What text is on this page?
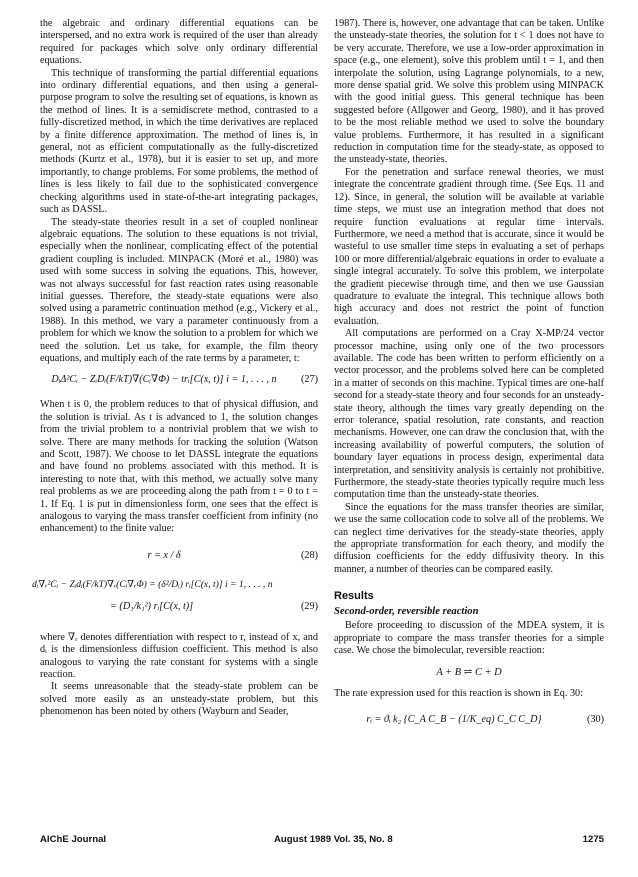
the algebraic and ordinary differential equations can be interspersed, and no extra work is required of the user than already required for packages which solve only ordinary differential equations.

This technique of transforming the partial differential equations into ordinary differential equations, and then using a general-purpose program to solve the resulting set of equations, is known as the method of lines. It is a semidiscrete method, contrasted to a fully-discretized method, in which the time derivatives are replaced by a finite difference approximation. The method of lines is, in general, not as efficient computationally as the fully-discretized methods (Kurtz et al., 1978), but it is easier to set up, and more importantly, to change problems. For some problems, the method of lines is less likely to fail due to the sophisticated convergence checking algorithms used in state-of-the-art integrating packages, such as DASSL.

The steady-state theories result in a set of coupled nonlinear algebraic equations. The solution to these equations is not trivial, especially when the nonlinear, complicating effect of the potential gradient coupling is included. MINPACK (Moré et al., 1980) was used with some success in solving the equations. This, however, was not always successful for fast reaction rates using reasonable initial guesses. Therefore, the steady-state equations were also solved using a parametric continuation method (e.g., Vickery et al., 1988). In this method, we vary a parameter continuously from a problem for which we know the solution to a problem for which we need the solution. Let us take, for example, the film theory equations, and multiply each of the rate terms by a parameter, t:

DᵢΔ²Cᵢ − ZᵢDᵢ(F/kT)∇(Cᵢ∇Φ) − trᵢ[C(x, t)] i = 1, . . . , n	(27)

When t is 0, the problem reduces to that of physical diffusion, and the solution is trivial. As t is advanced to 1, the solution changes from the trivial problem to a nontrivial problem that we wish to solve. There are many methods for tracking the solution (Watson and Scott, 1987). We choose to let DASSL integrate the equations and have found no problems associated with this method. It is interesting to note that, with this method, we actually solve many real problems as we are proceeding along the path from t = 0 to t = 1. If Eq. 1 is put in dimensionless form, one sees that the effect is analogous to varying the mass transfer coefficient from infinity (no enhancement) to the finite value:

r = x / δ	(28)
dᵢ∇ᵣ²Cᵢ − Zᵢdᵢ(F/kT)∇ᵣ(Cᵢ∇ᵣΦ) = (δ²/Dᵢ) rᵢ[C(x, t)] i = 1, . . . , n
= (D₁/k₁²) rᵢ[C(x, t)]	(29)

where ∇ᵣ denotes differentiation with respect to r, instead of x, and dᵢ is the dimensionless diffusion coefficient. This method is also analogous to varying the rate constant for systems with a single reaction.

It seems unreasonable that the steady-state problem can be solved more easily as an unsteady-state problem, but this phenomenon has been noted by others (Wayburn and Seader,

1987). There is, however, one advantage that can be taken. Unlike the unsteady-state theories, the solution for t < 1 does not have to be very accurate. Therefore, we use a low-order approximation in space (e.g., one element), solve this problem until t = 1, and then interpolate the solution, using Lagrange polynomials, to a new, more dense spatial grid. We solve this problem using MINPACK with the good initial guess. This general technique has been suggested before (Allgower and Georg, 1980), and it has proved to be the most reliable method we used to solve the boundary value problems. Furthermore, it has resulted in a significant reduction in computation time for the steady-state, as opposed to the unsteady-state, theories.

For the penetration and surface renewal theories, we must integrate the concentrate gradient through time. (See Eqs. 11 and 12). Since, in general, the solution will be available at variable time steps, we must use an integration method that does not require function evaluations at regular time intervals. Furthermore, we need a method that is accurate, since it would be wasteful to use smaller time steps in evaluating a set of perhaps 100 or more differential/algebraic equations in order to evaluate a single integral accurately. To solve this problem, we interpolate the gradient piecewise through time, and then we use Gaussian quadrature to evaluate the integral. This technique allows both high accuracy and does not restrict the point of function evaluation.

All computations are performed on a Cray X-MP/24 vector processor machine, using only one of the two processors available. The code has been written to perform efficiently on a vector processor, and the problems solved here can be completed in a matter of seconds on this machine. Typical times are one-half second for a steady-state theory and four seconds for an unsteady-state theory, although the times vary greatly depending on the error tolerance, spatial resolution, rate constants, and reaction mechanisms. However, one can draw the conclusion that, with the increasing availability of powerful computers, the solution of boundary layer equations in process design, experimental data interpretation, and sensitivity analysis is certainly not prohibitive. Furthermore, the steady-state theories typically require much less computation time than the unsteady-state theories.

Since the equations for the mass transfer theories are similar, we use the same collocation code to solve all of the problems. We can neglect time derivatives for the steady-state theories, apply the appropriate transformation for each theory, and modify the diffusion coefficients for the eddy diffusivity theory. In this manner, a number of theories can be compared easily.

Results
Second-order, reversible reaction

Before proceeding to discussion of the MDEA system, it is appropriate to compare the mass transfer theories for a simple case. We chose the bimolecular, reversible reaction:

A + B ⇌ C + D

The rate expression used for this reaction is shown in Eq. 30:

rᵢ = ϑᵢ k₂ {C_A C_B − (1/K_eq) C_C C_D}	(30)
AIChE Journal	August 1989 Vol. 35, No. 8	1275
